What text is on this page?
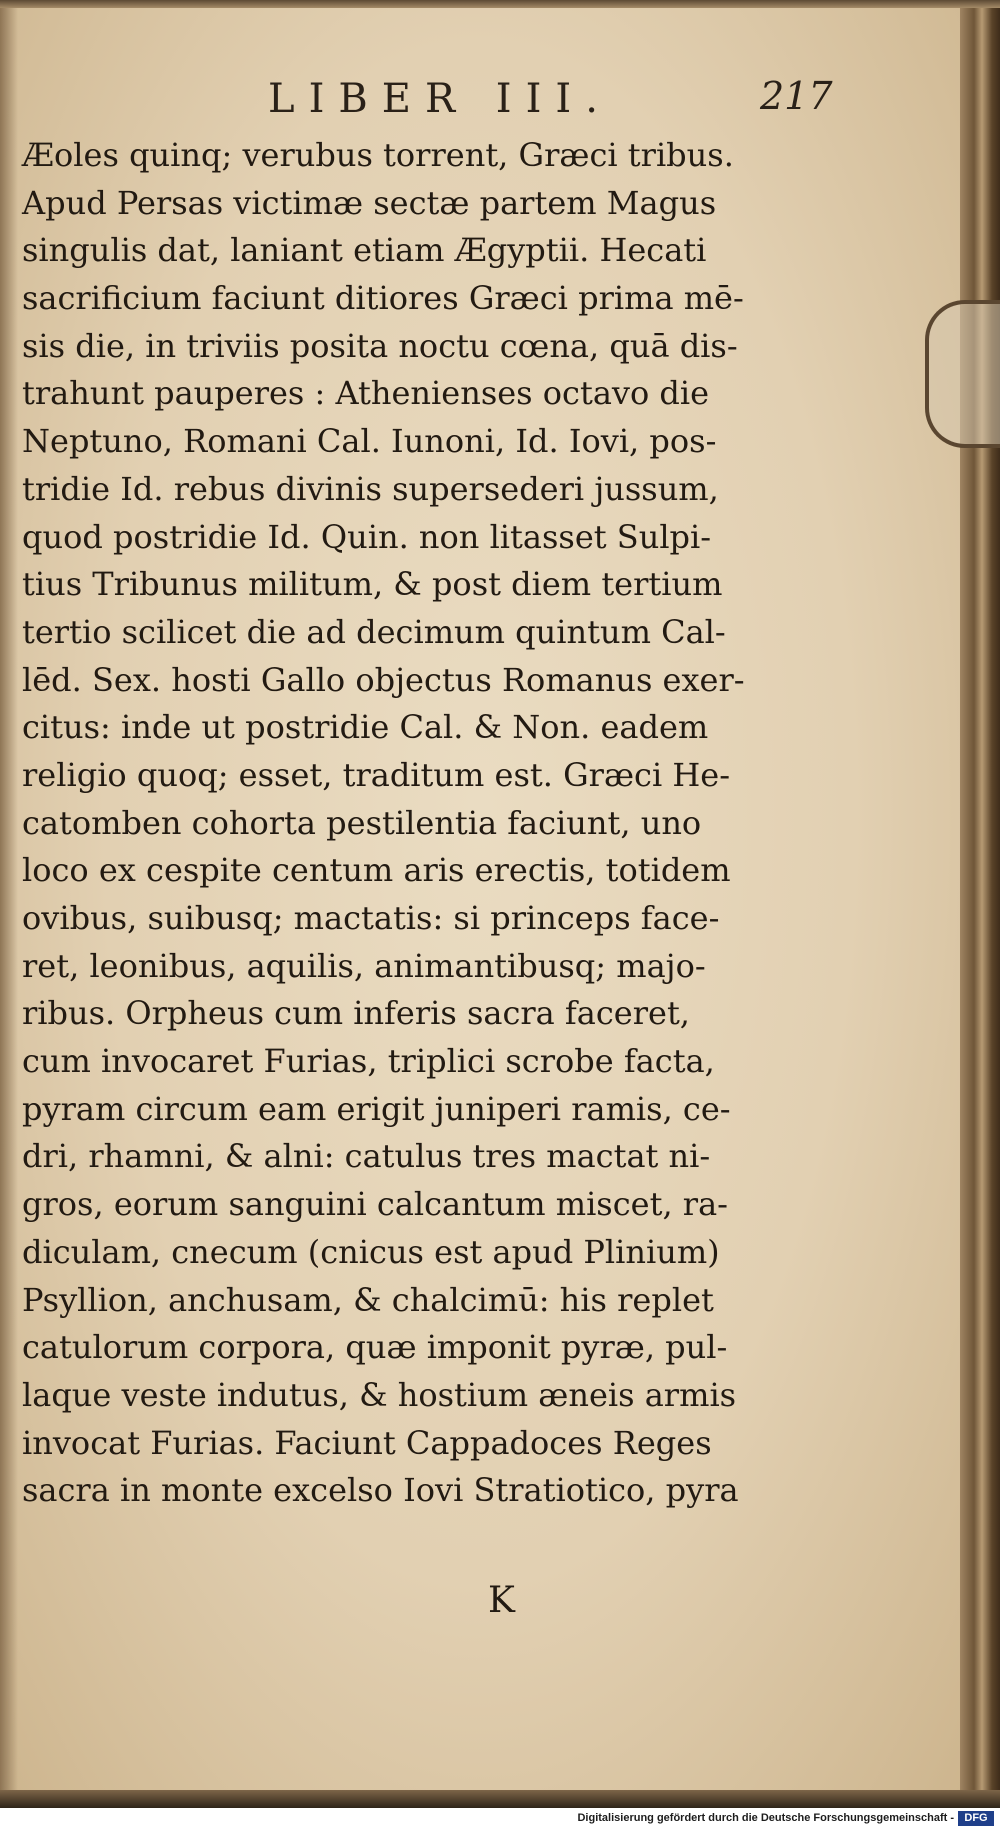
LIBER III.	217
Æoles quinq; verubus torrent, Græci tribus.
Apud Persas victimæ sectæ partem Magus
singulis dat, laniant etiam Ægyptii. Hecati
sacrificium faciunt ditiores Græci prima mē-
sis die, in triviis posita noctu cœna, quā dis-
trahunt pauperes : Athenienses octavo die
Neptuno, Romani Cal. Iunoni, Id. Iovi, pos-
tridie Id. rebus divinis supersederi jussum,
quod postridie Id. Quin. non litasset Sulpi-
tius Tribunus militum, & post diem tertium
tertio scilicet die ad decimum quintum Cal-
lēd. Sex. hosti Gallo objectus Romanus exer-
citus: inde ut postridie Cal. & Non. eadem
religio quoq; esset, traditum est. Græci He-
catomben cohorta pestilentia faciunt, uno
loco ex cespite centum aris erectis, totidem
ovibus, suibusq; mactatis: si princeps face-
ret, leonibus, aquilis, animantibusq; majo-
ribus. Orpheus cum inferis sacra faceret,
cum invocaret Furias, triplici scrobe facta,
pyram circum eam erigit juniperi ramis, ce-
dri, rhamni, & alni: catulus tres mactat ni-
gros, eorum sanguini calcantum miscet, ra-
diculam, cnecum (cnicus est apud Plinium)
Psyllion, anchusam, & chalcimū: his replet
catulorum corpora, quæ imponit pyræ, pul-
laque veste indutus, & hostium æneis armis
invocat Furias. Faciunt Cappadoces Reges
sacra in monte excelso Iovi Stratiotico, pyra
K
Digitalisierung gefördert durch die Deutsche Forschungsgemeinschaft - DFG
